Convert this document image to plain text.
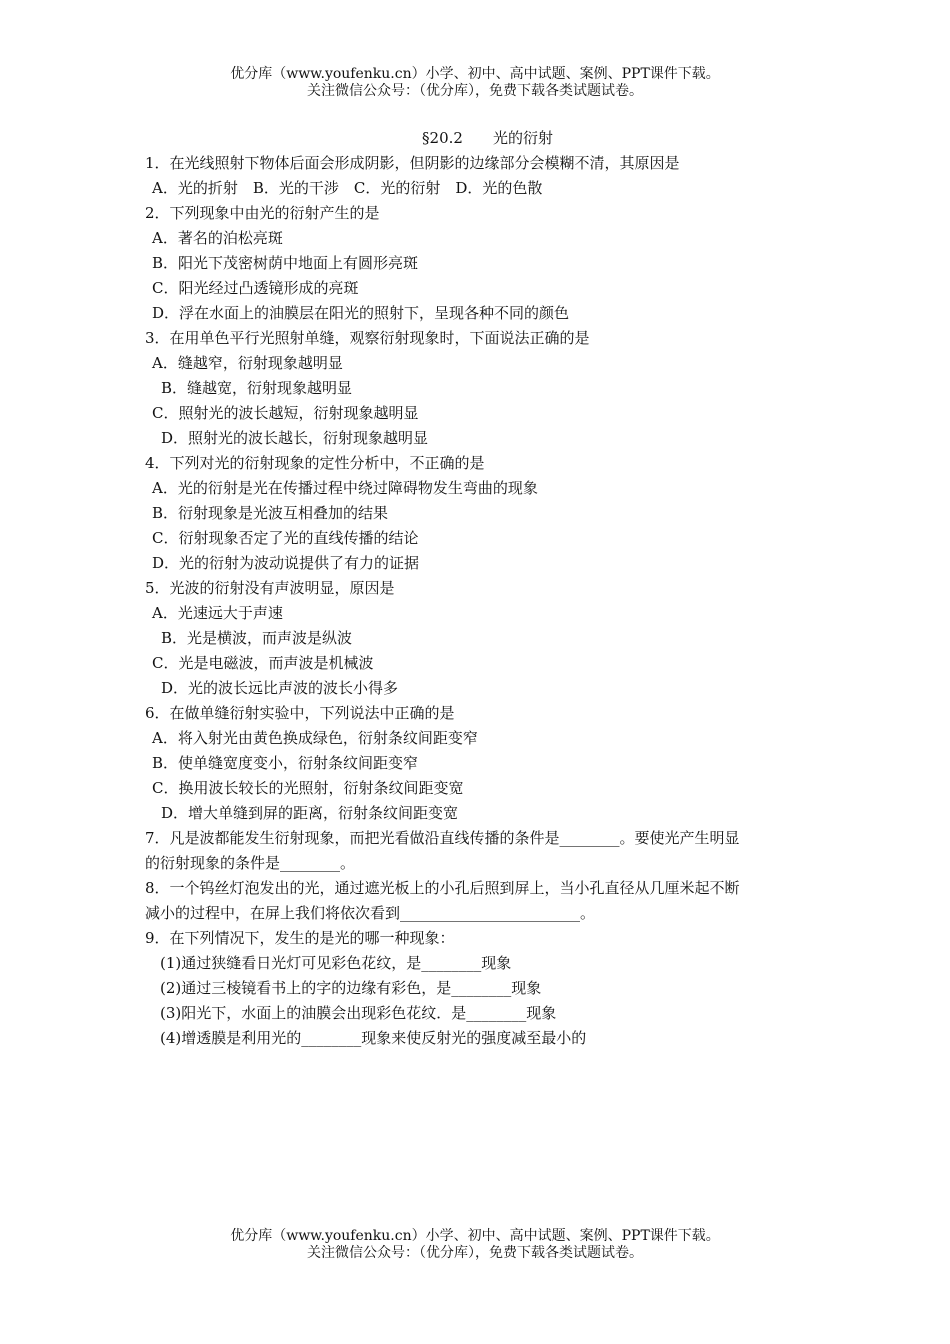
优分库（www.youfenku.cn）小学、初中、高中试题、案例、PPT课件下载。
关注微信公众号：（优分库），免费下载各类试题试卷。
§20.2　　光的衍射
1．在光线照射下物体后面会形成阴影，但阴影的边缘部分会模糊不清，其原因是
A．光的折射　B．光的干涉　C．光的衍射　D．光的色散
2．下列现象中由光的衍射产生的是
A．著名的泊松亮斑
B．阳光下茂密树荫中地面上有圆形亮斑
C．阳光经过凸透镜形成的亮斑
D．浮在水面上的油膜层在阳光的照射下，呈现各种不同的颜色
3．在用单色平行光照射单缝，观察衍射现象时，下面说法正确的是
A．缝越窄，衍射现象越明显
B．缝越宽，衍射现象越明显
C．照射光的波长越短，衍射现象越明显
D．照射光的波长越长，衍射现象越明显
4．下列对光的衍射现象的定性分析中，不正确的是
A．光的衍射是光在传播过程中绕过障碍物发生弯曲的现象
B．衍射现象是光波互相叠加的结果
C．衍射现象否定了光的直线传播的结论
D．光的衍射为波动说提供了有力的证据
5．光波的衍射没有声波明显，原因是
A．光速远大于声速
B．光是横波，而声波是纵波
C．光是电磁波，而声波是机械波
D．光的波长远比声波的波长小得多
6．在做单缝衍射实验中，下列说法中正确的是
A．将入射光由黄色换成绿色，衍射条纹间距变窄
B．使单缝宽度变小，衍射条纹间距变窄
C．换用波长较长的光照射，衍射条纹间距变宽
D．增大单缝到屏的距离，衍射条纹间距变宽
7．凡是波都能发生衍射现象，而把光看做沿直线传播的条件是________。要使光产生明显
的衍射现象的条件是________。
8．一个钨丝灯泡发出的光，通过遮光板上的小孔后照到屏上，当小孔直径从几厘米起不断
减小的过程中，在屏上我们将依次看到________________________。
9．在下列情况下，发生的是光的哪一种现象：
(1)通过狭缝看日光灯可见彩色花纹，是________现象
(2)通过三棱镜看书上的字的边缘有彩色，是________现象
(3)阳光下，水面上的油膜会出现彩色花纹．是________现象
(4)增透膜是利用光的________现象来使反射光的强度减至最小的
优分库（www.youfenku.cn）小学、初中、高中试题、案例、PPT课件下载。
关注微信公众号：（优分库），免费下载各类试题试卷。
